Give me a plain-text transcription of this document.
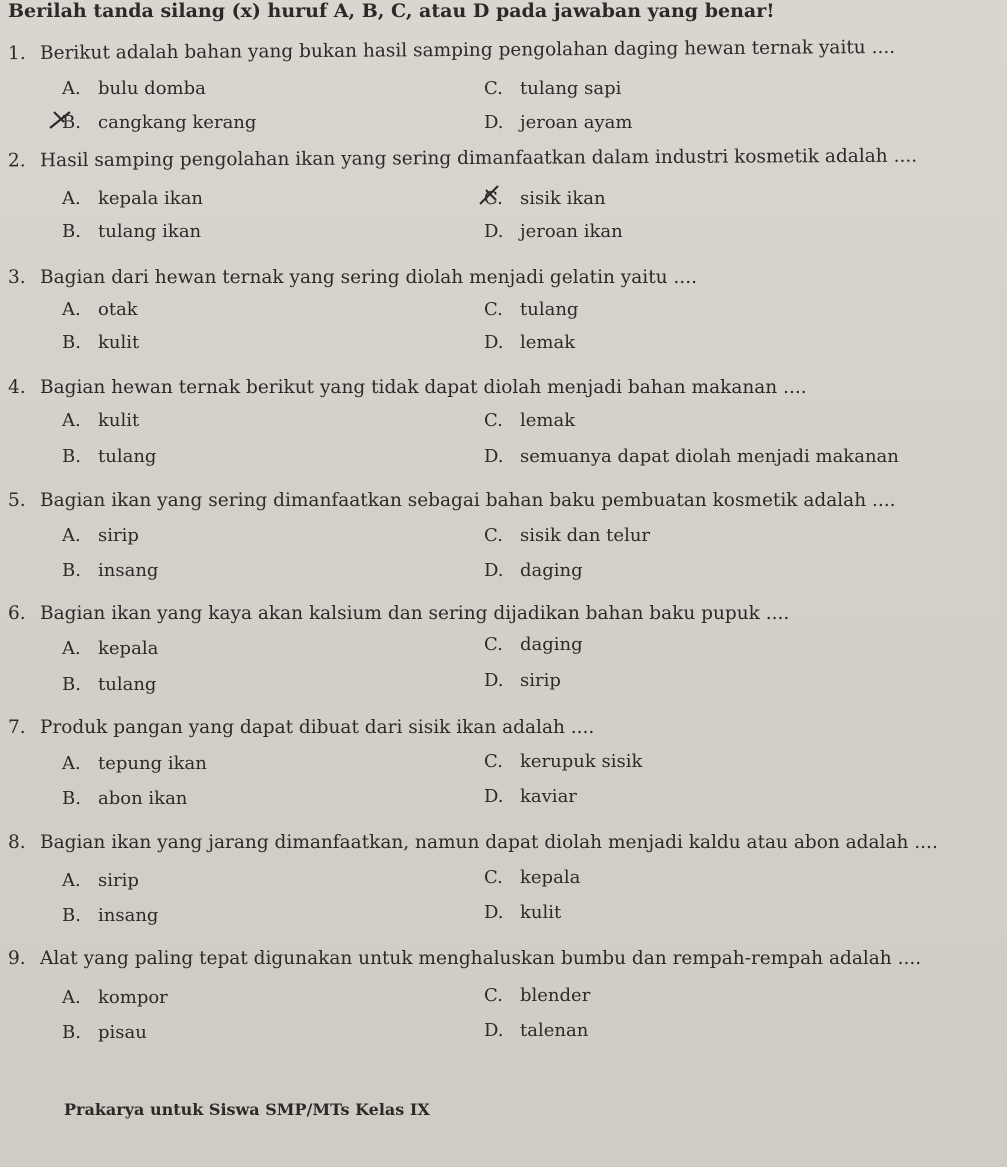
Berilah tanda silang (x) huruf A, B, C, atau D pada jawaban yang benar!
1. Berikut adalah bahan yang bukan hasil samping pengolahan daging hewan ternak yaitu ....
A. bulu domba
B. cangkang kerang
C. tulang sapi
D. jeroan ayam
2. Hasil samping pengolahan ikan yang sering dimanfaatkan dalam industri kosmetik adalah ....
A. kepala ikan
B. tulang ikan
C. sisik ikan
D. jeroan ikan
3. Bagian dari hewan ternak yang sering diolah menjadi gelatin yaitu ....
A. otak
B. kulit
C. tulang
D. lemak
4. Bagian hewan ternak berikut yang tidak dapat diolah menjadi bahan makanan ....
A. kulit
B. tulang
C. lemak
D. semuanya dapat diolah menjadi makanan
5. Bagian ikan yang sering dimanfaatkan sebagai bahan baku pembuatan kosmetik adalah ....
A. sirip
B. insang
C. sisik dan telur
D. daging
6. Bagian ikan yang kaya akan kalsium dan sering dijadikan bahan baku pupuk ....
A. kepala
B. tulang
C. daging
D. sirip
7. Produk pangan yang dapat dibuat dari sisik ikan adalah ....
A. tepung ikan
B. abon ikan
C. kerupuk sisik
D. kaviar
8. Bagian ikan yang jarang dimanfaatkan, namun dapat diolah menjadi kaldu atau abon adalah ....
A. sirip
B. insang
C. kepala
D. kulit
9. Alat yang paling tepat digunakan untuk menghaluskan bumbu dan rempah-rempah adalah ....
A. kompor
B. pisau
C. blender
D. talenan
Prakarya untuk Siswa SMP/MTs Kelas IX
